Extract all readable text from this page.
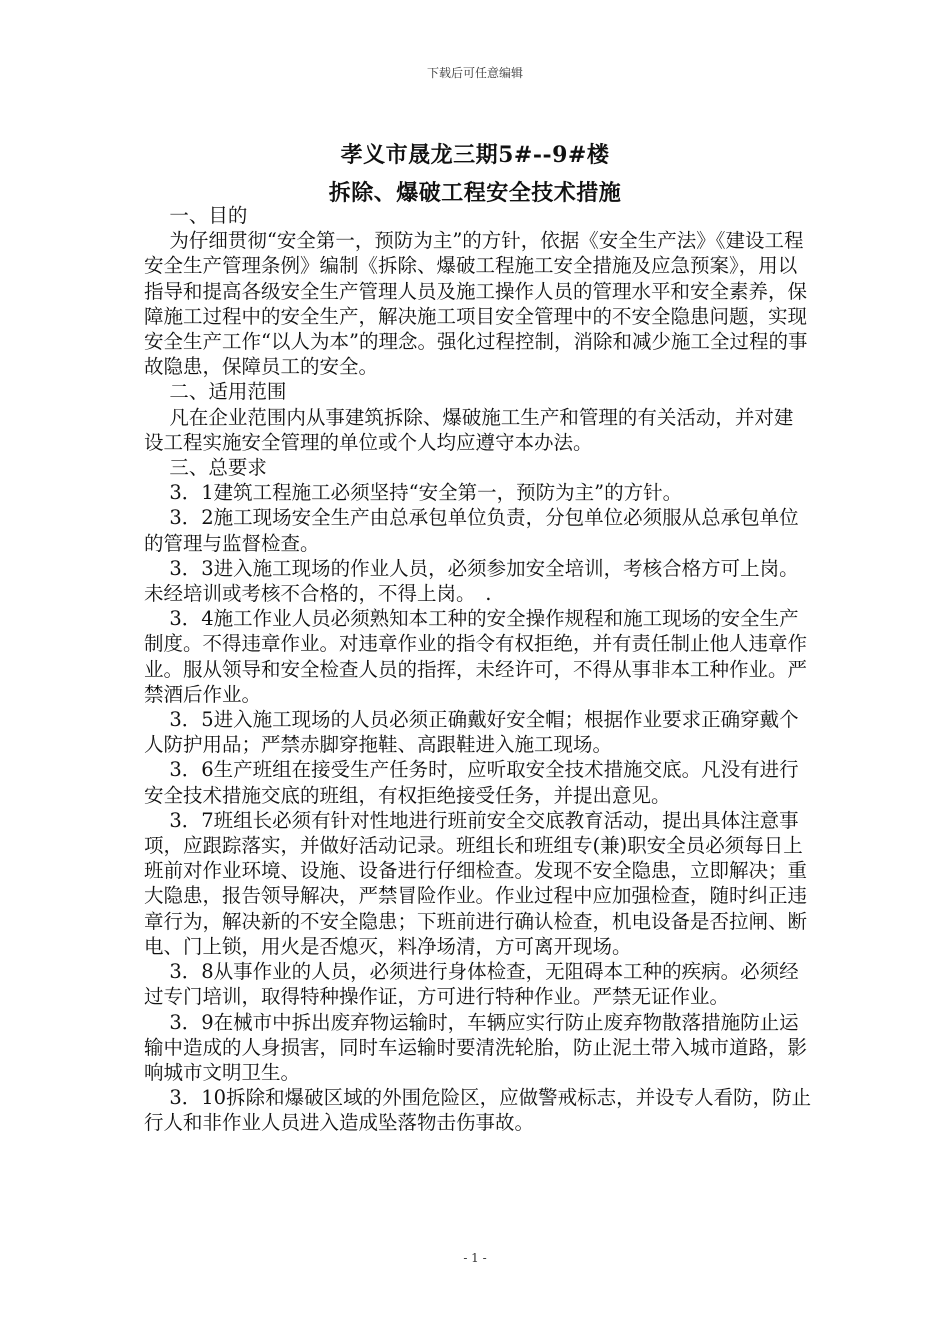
下载后可任意编辑
孝义市晟龙三期5#--9#楼
拆除、爆破工程安全技术措施

一、目的

为仔细贯彻“安全第一，预防为主”的方针，依据《安全生产法》《建设工程安全生产管理条例》编制《拆除、爆破工程施工安全措施及应急预案》，用以指导和提高各级安全生产管理人员及施工操作人员的管理水平和安全素养，保障施工过程中的安全生产，解决施工项目安全管理中的不安全隐患问题，实现安全生产工作“以人为本”的理念。强化过程控制，消除和减少施工全过程的事故隐患，保障员工的安全。

二、适用范围

凡在企业范围内从事建筑拆除、爆破施工生产和管理的有关活动，并对建设工程实施安全管理的单位或个人均应遵守本办法。

三、总要求

3．1建筑工程施工必须坚持“安全第一，预防为主”的方针。

3．2施工现场安全生产由总承包单位负责，分包单位必须服从总承包单位的管理与监督检查。

3．3进入施工现场的作业人员，必须参加安全培训，考核合格方可上岗。未经培训或考核不合格的，不得上岗。　.

3．4施工作业人员必须熟知本工种的安全操作规程和施工现场的安全生产制度。不得违章作业。对违章作业的指令有权拒绝，并有责任制止他人违章作业。服从领导和安全检查人员的指挥，未经许可，不得从事非本工种作业。严禁酒后作业。

3．5进入施工现场的人员必须正确戴好安全帽；根据作业要求正确穿戴个人防护用品；严禁赤脚穿拖鞋、高跟鞋进入施工现场。

3．6生产班组在接受生产任务时，应听取安全技术措施交底。凡没有进行安全技术措施交底的班组，有权拒绝接受任务，并提出意见。

3．7班组长必须有针对性地进行班前安全交底教育活动，提出具体注意事项，应跟踪落实，并做好活动记录。班组长和班组专(兼)职安全员必须每日上班前对作业环境、设施、设备进行仔细检查。发现不安全隐患，立即解决；重大隐患，报告领导解决，严禁冒险作业。作业过程中应加强检查，随时纠正违章行为，解决新的不安全隐患；下班前进行确认检查，机电设备是否拉闸、断电、门上锁，用火是否熄灭，料净场清，方可离开现场。

3．8从事作业的人员，必须进行身体检查，无阻碍本工种的疾病。必须经过专门培训，取得特种操作证，方可进行特种作业。严禁无证作业。

3．9在械市中拆出废弃物运输时，车辆应实行防止废弃物散落措施防止运输中造成的人身损害，同时车运输时要清洗轮胎，防止泥土带入城市道路，影响城市文明卫生。

3．10拆除和爆破区域的外围危险区，应做警戒标志，并设专人看防，防止行人和非作业人员进入造成坠落物击伤事故。

- 1 -
